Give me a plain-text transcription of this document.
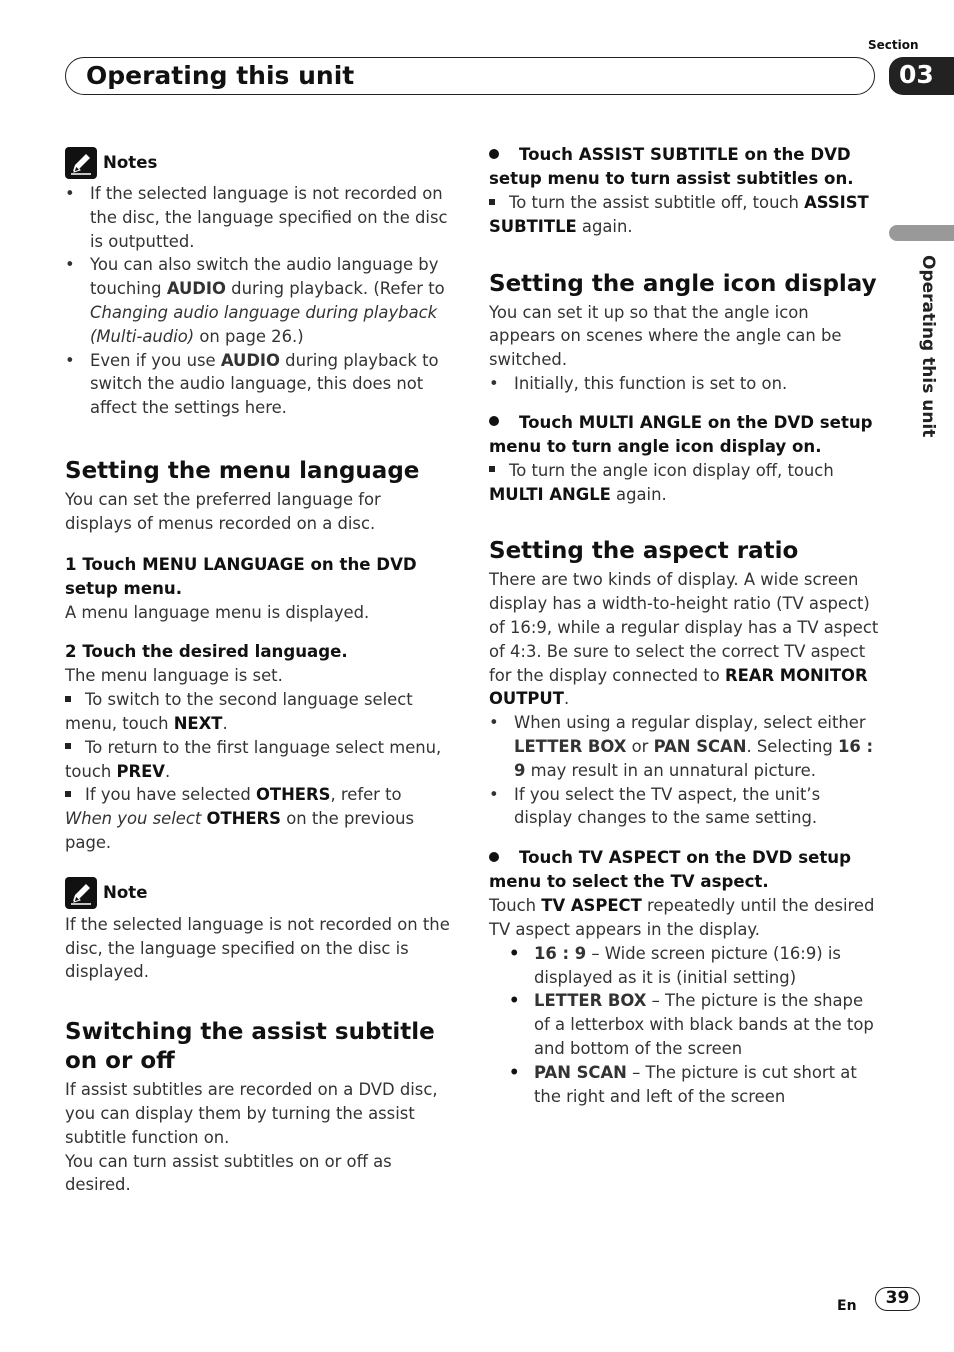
Section
Operating this unit	03
Operating this unit
Notes
• If the selected language is not recorded on the disc, the language specified on the disc is outputted.
• You can also switch the audio language by touching AUDIO during playback. (Refer to Changing audio language during playback (Multi-audio) on page 26.)
• Even if you use AUDIO during playback to switch the audio language, this does not affect the settings here.
Setting the menu language

You can set the preferred language for displays of menus recorded on a disc.

1 Touch MENU LANGUAGE on the DVD setup menu.

A menu language menu is displayed.

2 Touch the desired language.

The menu language is set.

To switch to the second language select menu, touch NEXT.
To return to the first language select menu, touch PREV.
If you have selected OTHERS, refer to When you select OTHERS on the previous page.
Note

If the selected language is not recorded on the disc, the language specified on the disc is displayed.

Switching the assist subtitle on or off

If assist subtitles are recorded on a DVD disc, you can display them by turning the assist subtitle function on.

You can turn assist subtitles on or off as desired.

Touch ASSIST SUBTITLE on the DVD setup menu to turn assist subtitles on.

To turn the assist subtitle off, touch ASSIST SUBTITLE again.
Setting the angle icon display

You can set it up so that the angle icon appears on scenes where the angle can be switched.

• Initially, this function is set to on.

Touch MULTI ANGLE on the DVD setup menu to turn angle icon display on.

To turn the angle icon display off, touch MULTI ANGLE again.
Setting the aspect ratio

There are two kinds of display. A wide screen display has a width-to-height ratio (TV aspect) of 16:9, while a regular display has a TV aspect of 4:3. Be sure to select the correct TV aspect for the display connected to REAR MONITOR OUTPUT.

• When using a regular display, select either LETTER BOX or PAN SCAN. Selecting 16 : 9 may result in an unnatural picture.
• If you select the TV aspect, the unit’s display changes to the same setting.

Touch TV ASPECT on the DVD setup menu to select the TV aspect.

Touch TV ASPECT repeatedly until the desired TV aspect appears in the display.

• 16 : 9 – Wide screen picture (16:9) is displayed as it is (initial setting)
• LETTER BOX – The picture is the shape of a letterbox with black bands at the top and bottom of the screen
• PAN SCAN – The picture is cut short at the right and left of the screen
En	39
